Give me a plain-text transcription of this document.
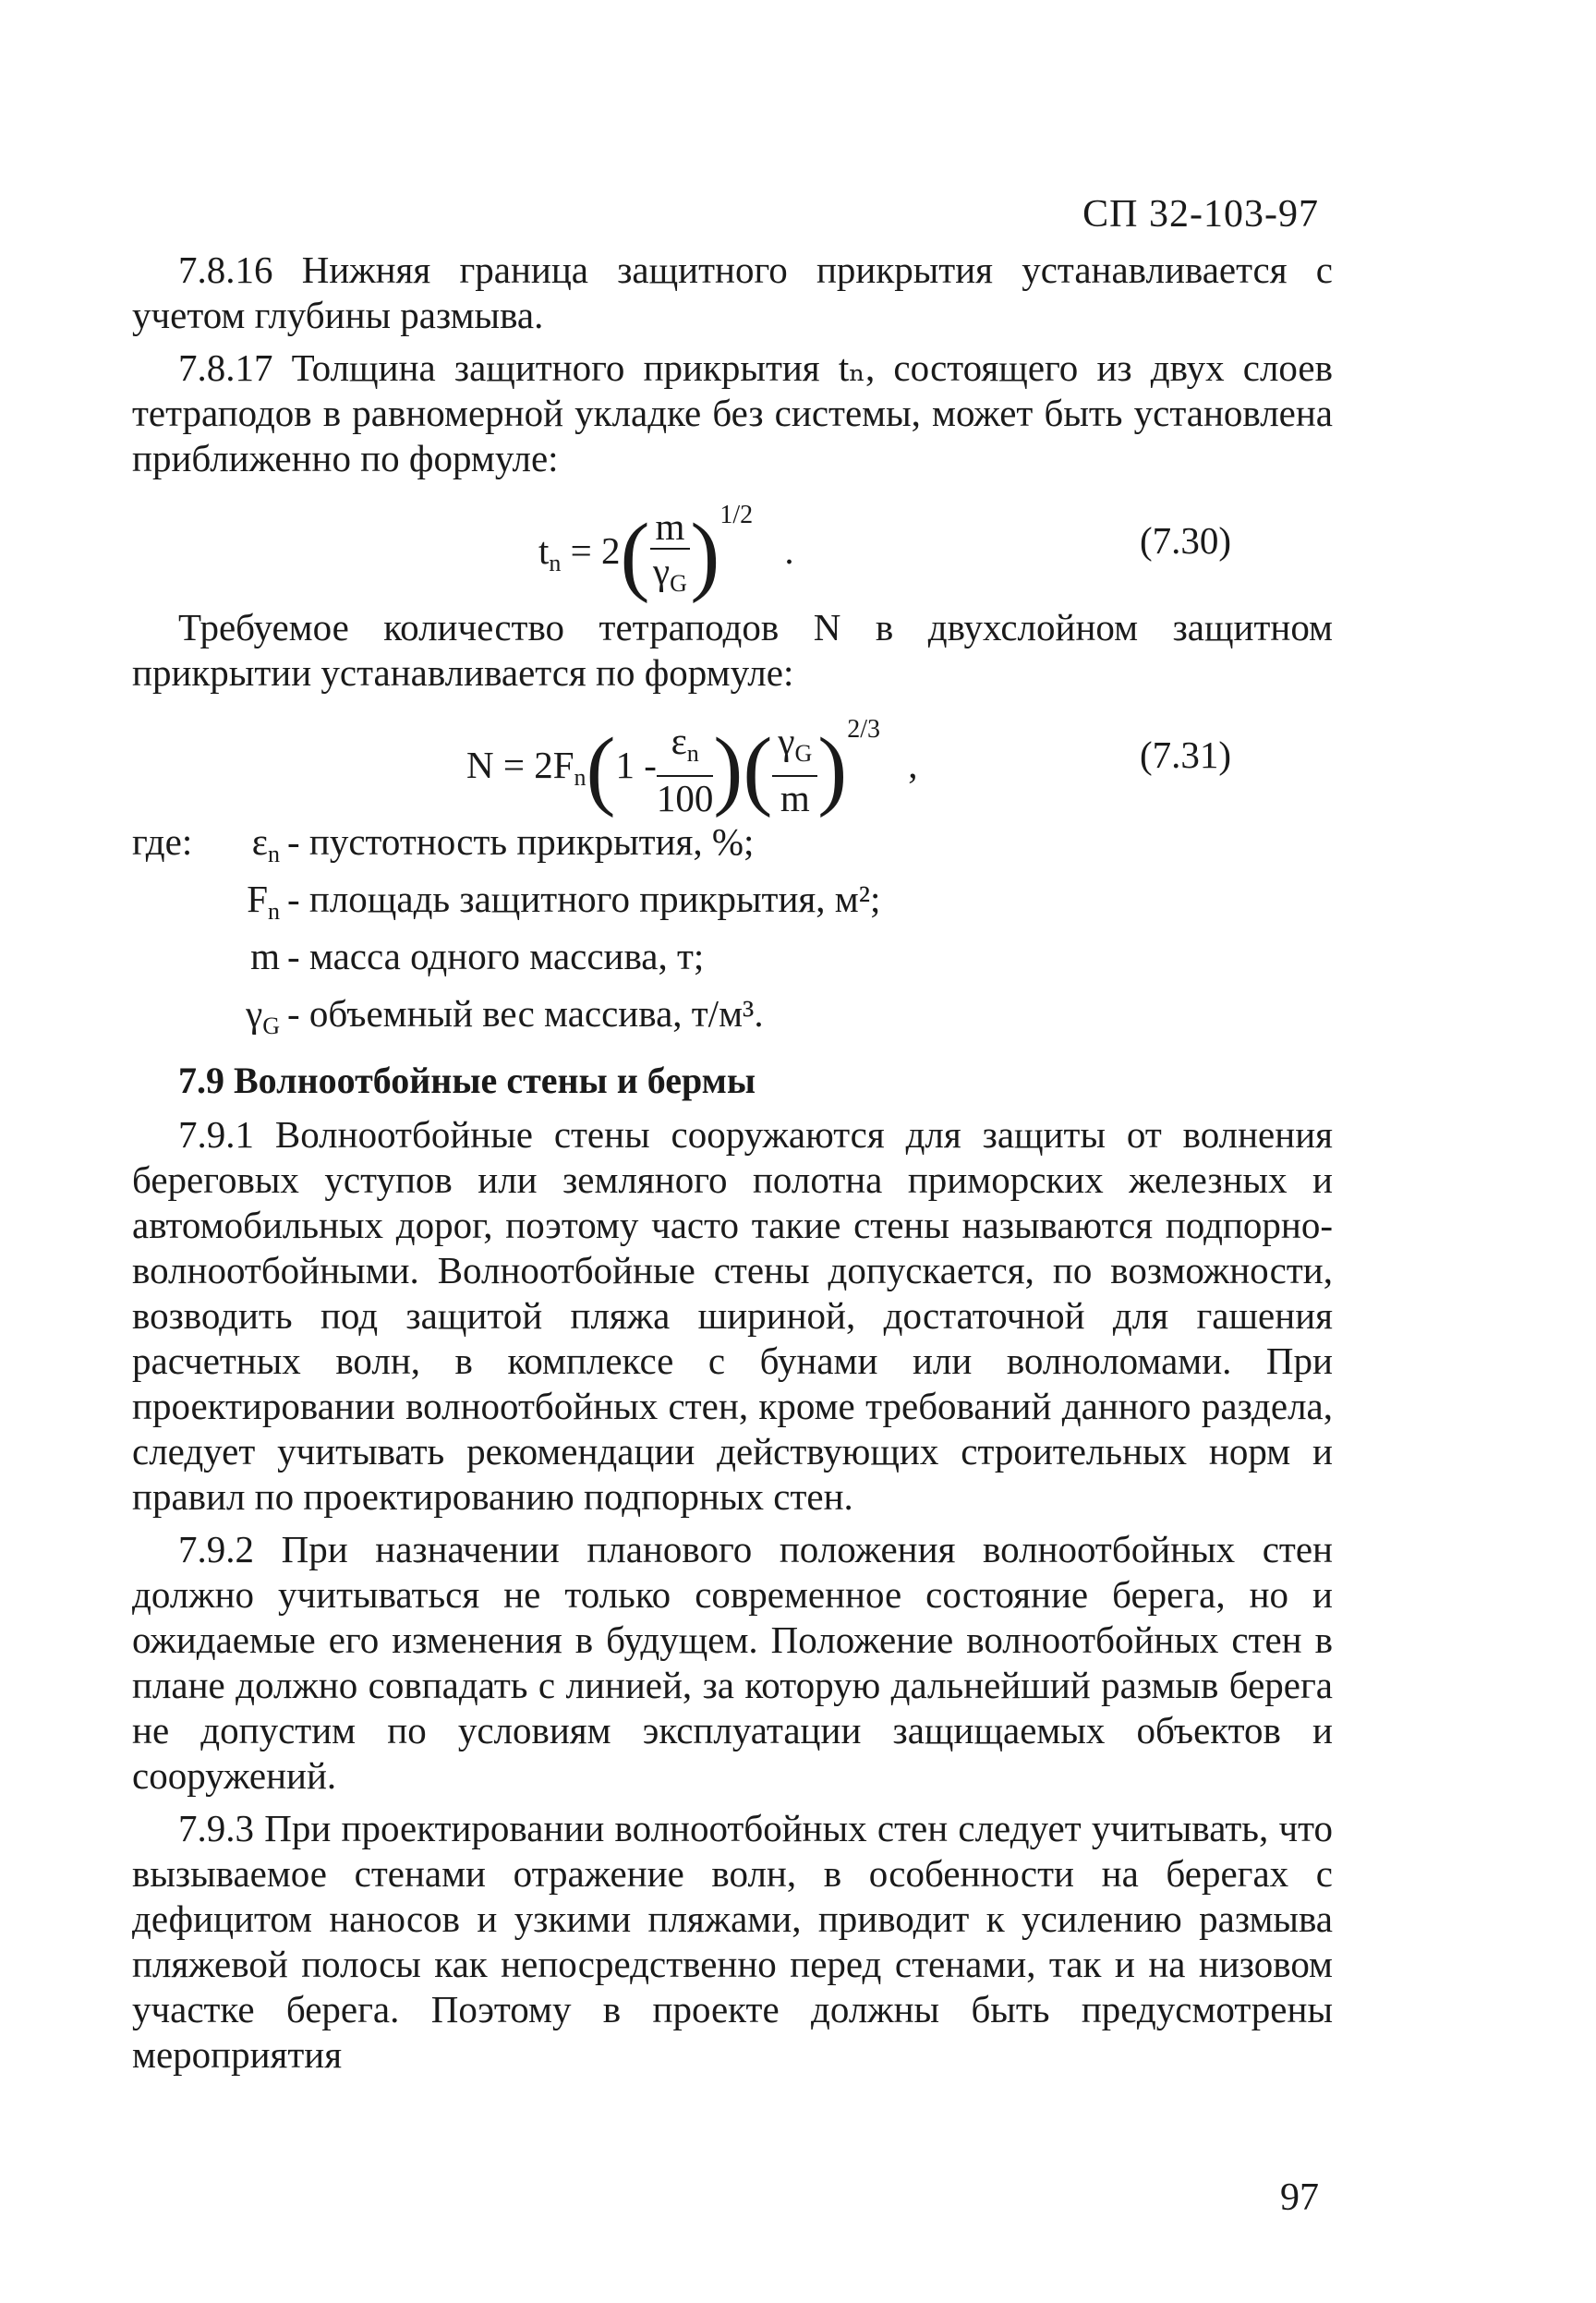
СП 32-103-97

7.8.16 Нижняя граница защитного прикрытия устанавливается с учетом глубины размыва.

7.8.17 Толщина защитного прикрытия tₙ, состоящего из двух слоев тетраподов в равномерной укладке без системы, может быть установлена приближенно по формуле:

$t_n = 2( \frac{m}{\gamma_G} )^{1/2}$ .	(7.30)

Требуемое количество тетраподов N в двухслойном защитном прикрытии устанавливается по формуле:

$N = 2F_n(1 - \frac{\varepsilon_n}{100}$ )( $\frac{\gamma_G}{m} )^{2/3}$ ,	(7.31)
где:	$\varepsilon_n$ - пустотность прикрытия, %;
$F_n$ - площадь защитного прикрытия, м²;
m - масса одного массива, т;
$\gamma_G$ - объемный вес массива, т/м³.
7.9 Волноотбойные стены и бермы

7.9.1 Волноотбойные стены сооружаются для защиты от волнения береговых уступов или земляного полотна приморских железных и автомобильных дорог, поэтому часто такие стены называются подпорно-волноотбойными. Волноотбойные стены допускается, по возможности, возводить под защитой пляжа шириной, достаточной для гашения расчетных волн, в комплексе с бунами или волноломами. При проектировании волноотбойных стен, кроме требований данного раздела, следует учитывать рекомендации действующих строительных норм и правил по проектированию подпорных стен.

7.9.2 При назначении планового положения волноотбойных стен должно учитываться не только современное состояние берега, но и ожидаемые его изменения в будущем. Положение волноотбойных стен в плане должно совпадать с линией, за которую дальнейший размыв берега не допустим по условиям эксплуатации защищаемых объектов и сооружений.

7.9.3 При проектировании волноотбойных стен следует учитывать, что вызываемое стенами отражение волн, в особенности на берегах с дефицитом наносов и узкими пляжами, приводит к усилению размыва пляжевой полосы как непосредственно перед стенами, так и на низовом участке берега. Поэтому в проекте должны быть предусмотрены мероприятия

97
